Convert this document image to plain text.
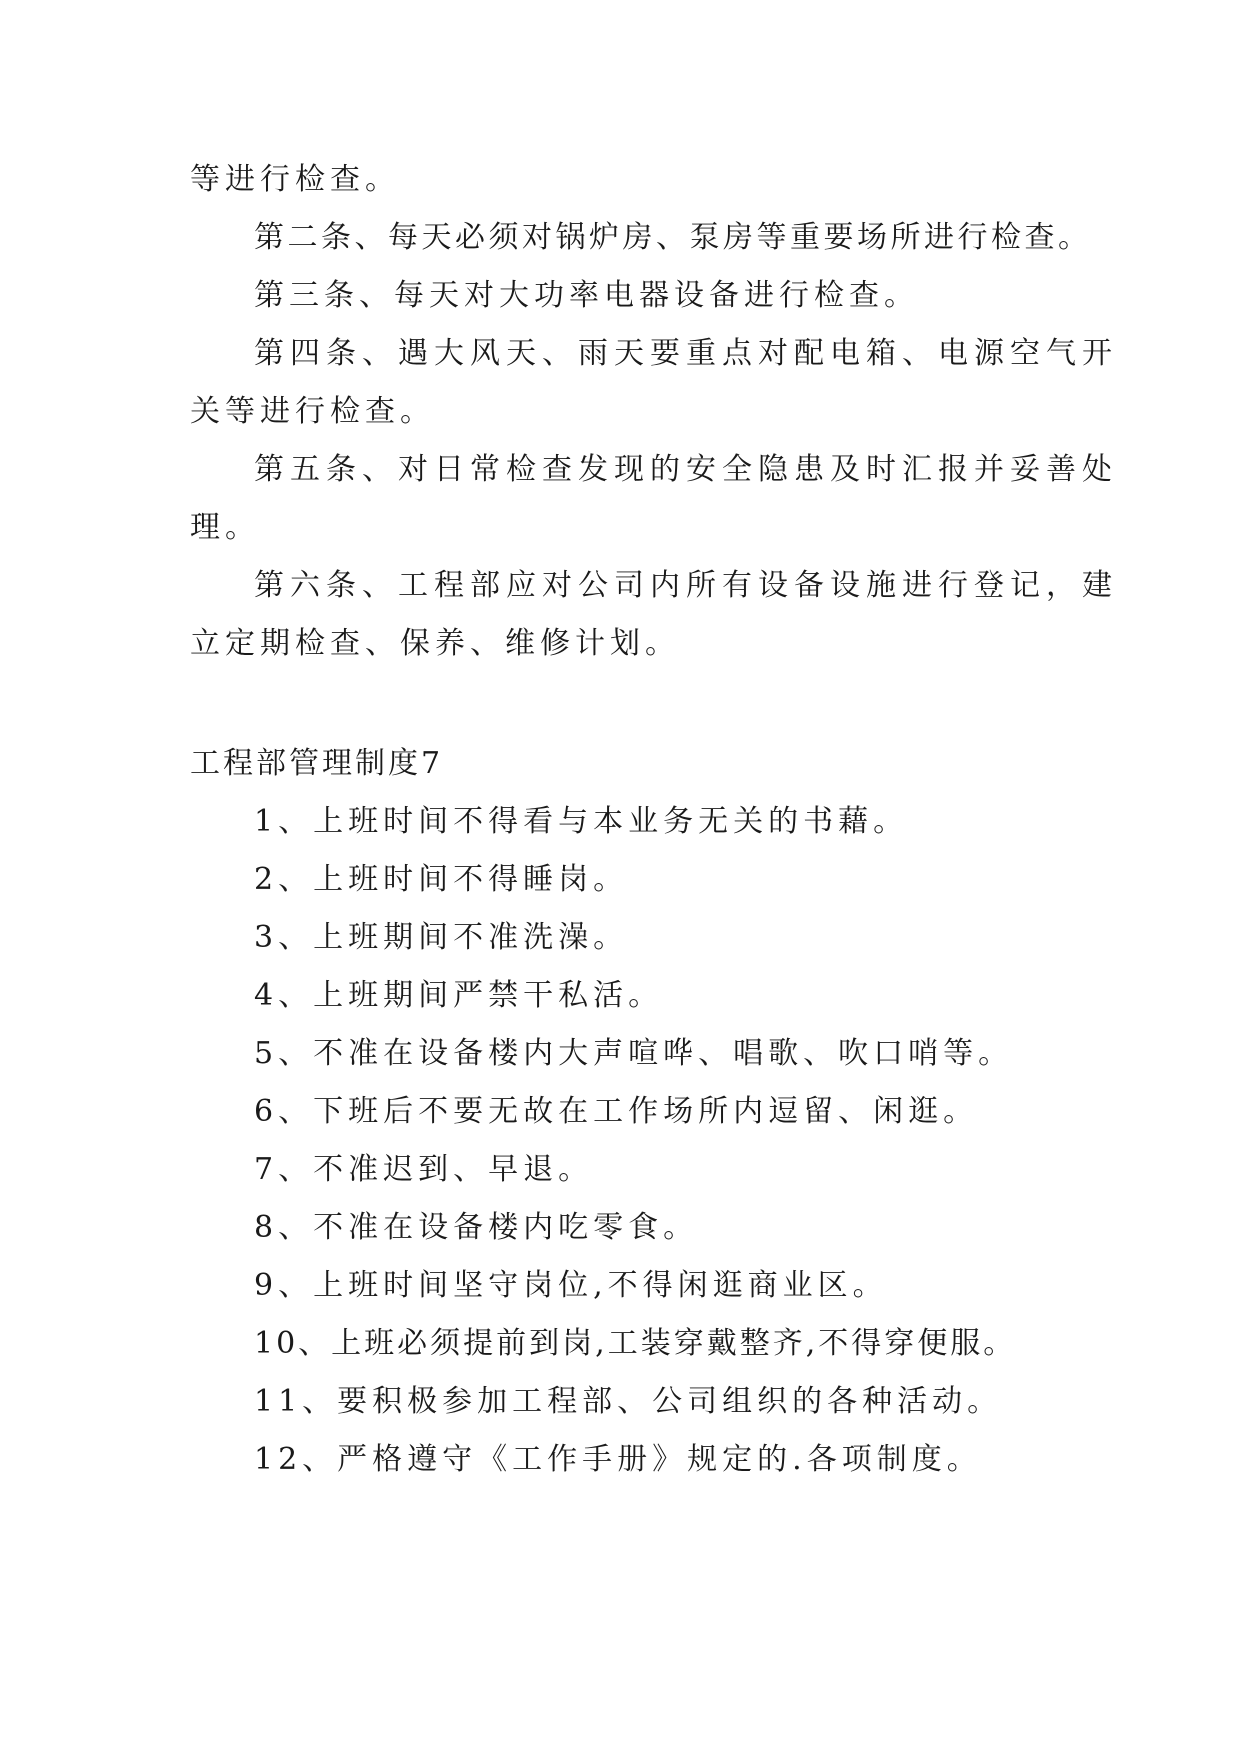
等进行检查。

第二条、每天必须对锅炉房、泵房等重要场所进行检查。

第三条、每天对大功率电器设备进行检查。

第四条、遇大风天、雨天要重点对配电箱、电源空气开

关等进行检查。

第五条、对日常检查发现的安全隐患及时汇报并妥善处

理。

第六条、工程部应对公司内所有设备设施进行登记，建

立定期检查、保养、维修计划。

工程部管理制度7

1、上班时间不得看与本业务无关的书藉。

2、上班时间不得睡岗。

3、上班期间不准洗澡。

4、上班期间严禁干私活。

5、不准在设备楼内大声喧哗、唱歌、吹口哨等。

6、下班后不要无故在工作场所内逗留、闲逛。

7、不准迟到、早退。

8、不准在设备楼内吃零食。

9、上班时间坚守岗位,不得闲逛商业区。

10、上班必须提前到岗,工装穿戴整齐,不得穿便服。

11、要积极参加工程部、公司组织的各种活动。

12、严格遵守《工作手册》规定的.各项制度。
